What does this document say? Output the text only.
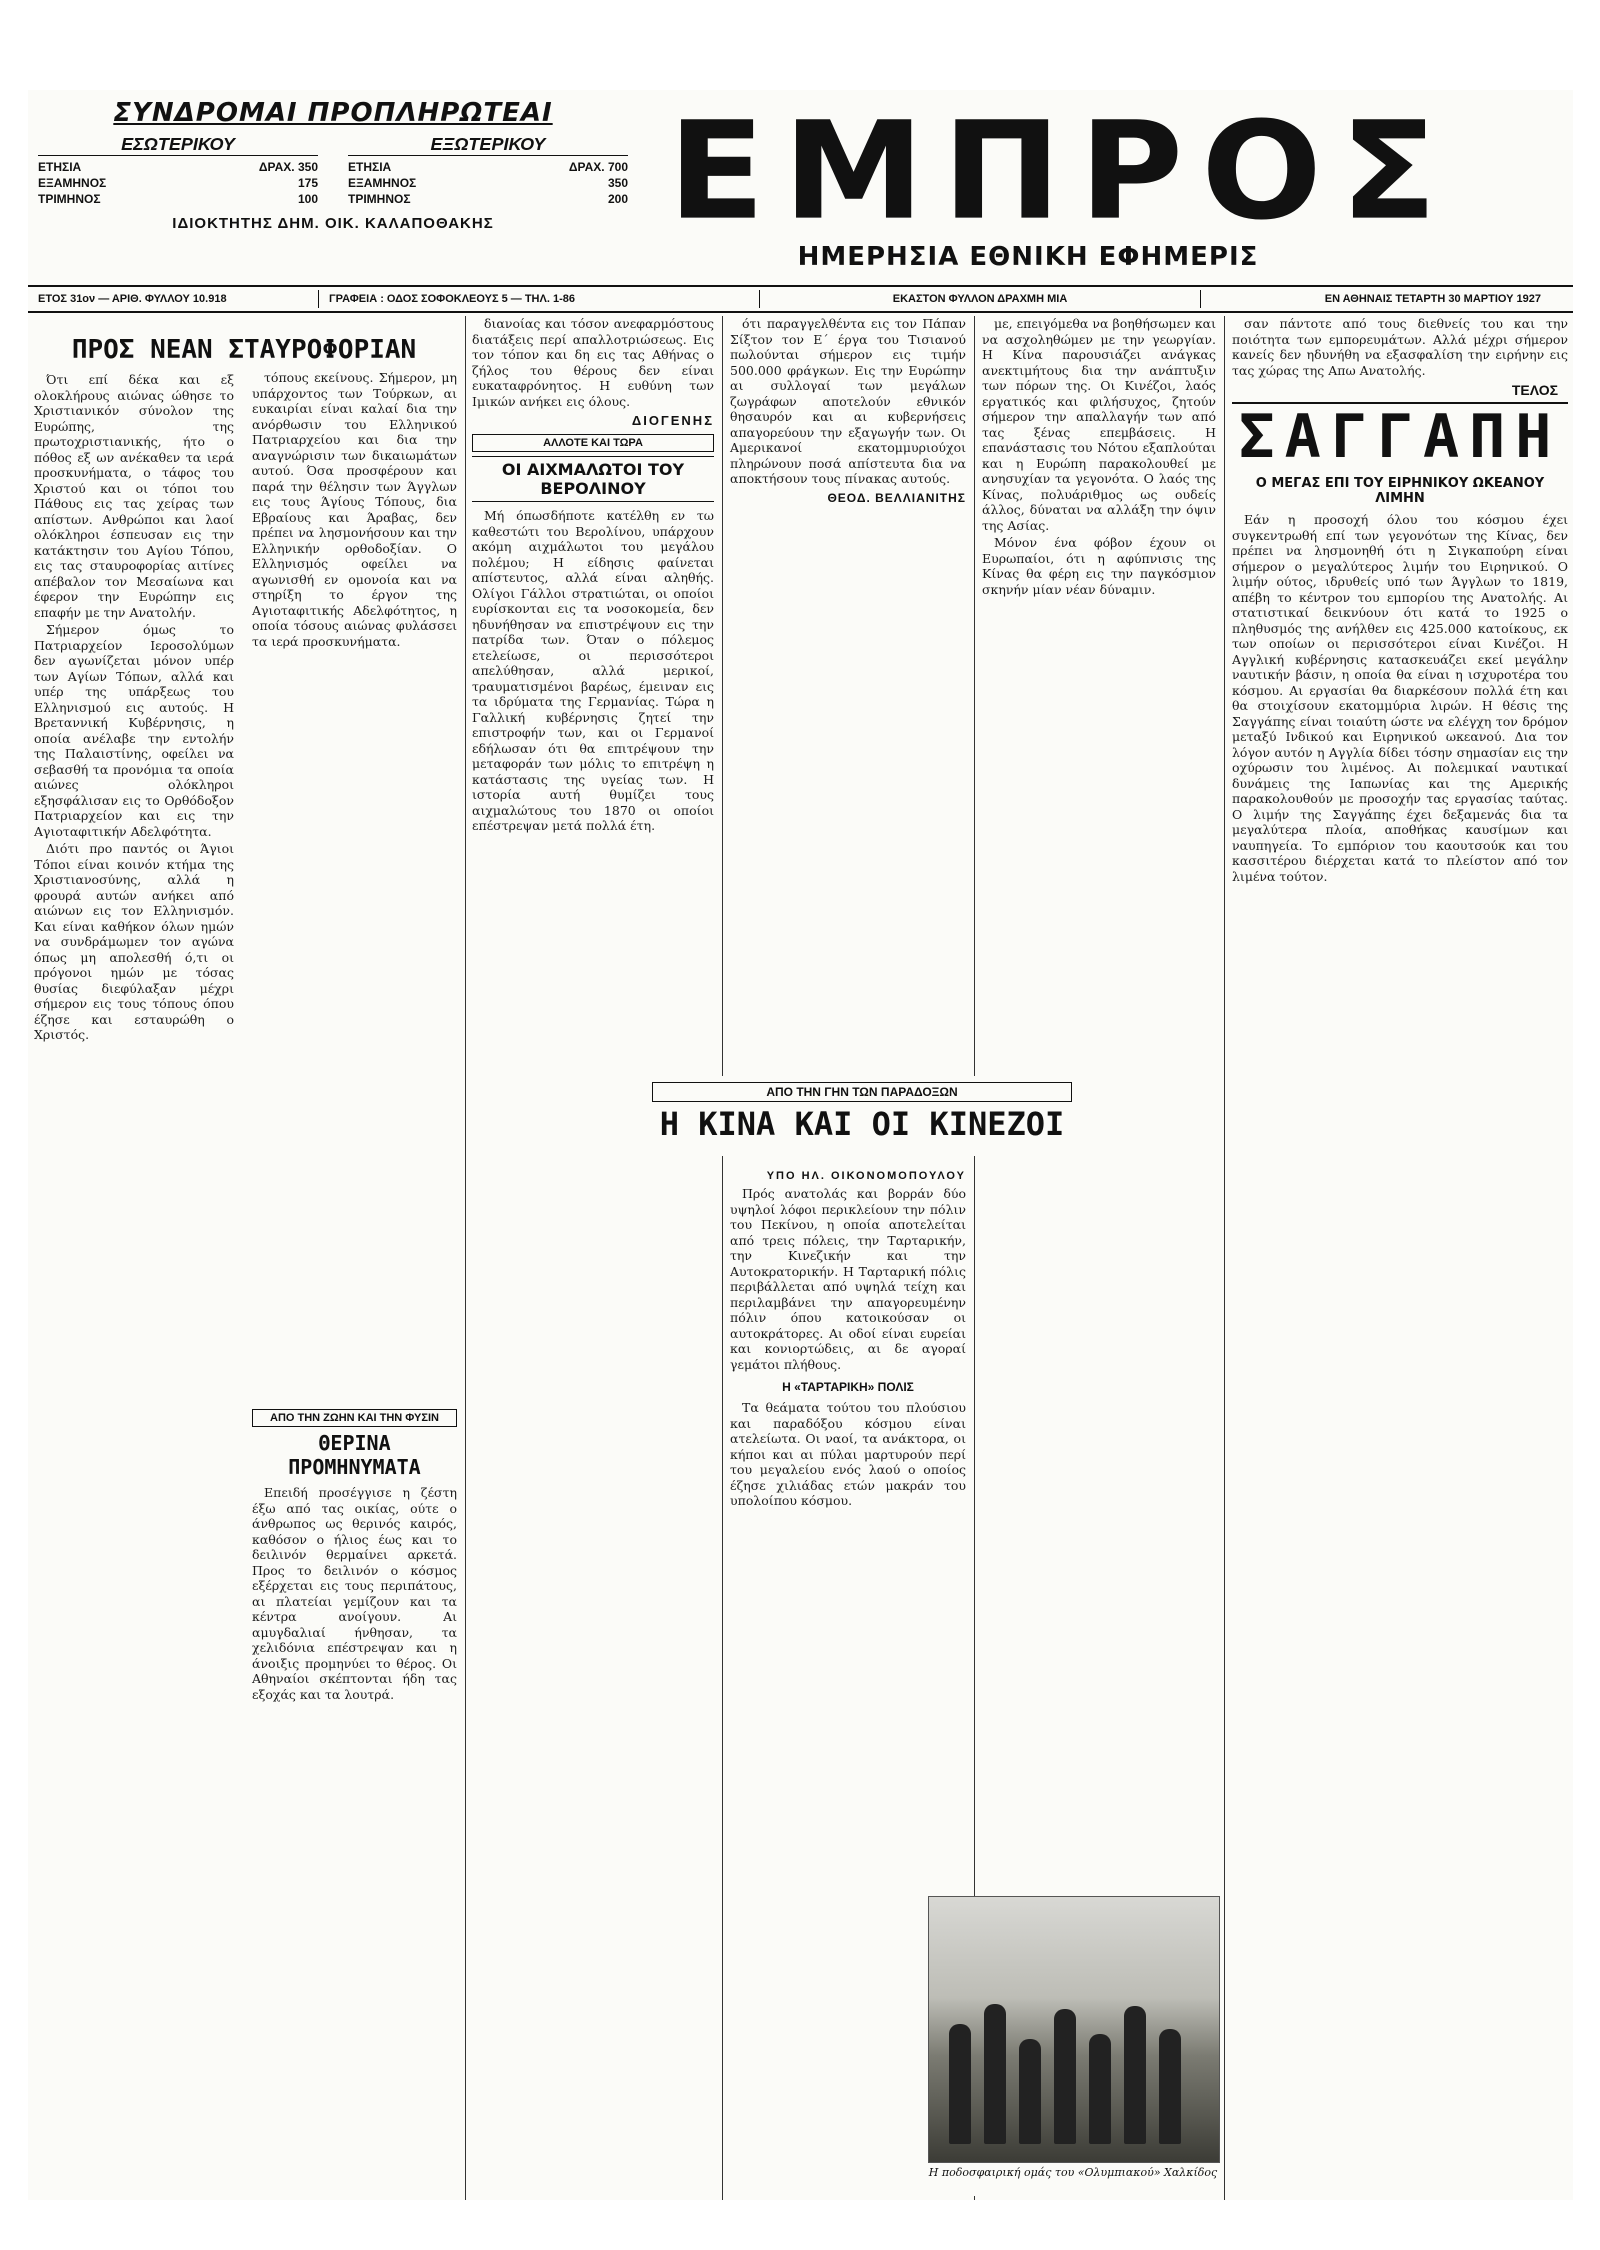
ΣΥΝΔΡΟΜΑΙ ΠΡΟΠΛΗΡΩΤΕΑΙ
ΕΣΩΤΕΡΙΚΟΥ
ΕΤΗΣΙΑ	ΔΡΑΧ. 350
ΕΞΑΜΗΝΟΣ	175
ΤΡΙΜΗΝΟΣ	100
ΕΞΩΤΕΡΙΚΟΥ
ΕΤΗΣΙΑ	ΔΡΑΧ. 700
ΕΞΑΜΗΝΟΣ	350
ΤΡΙΜΗΝΟΣ	200
ΙΔΙΟΚΤΗΤΗΣ ΔΗΜ. ΟΙΚ. ΚΑΛΑΠΟΘΑΚΗΣ	ΕΜΠΡΟΣ
ΗΜΕΡΗΣΙΑ ΕΘΝΙΚΗ ΕΦΗΜΕΡΙΣ
ΕΤΟΣ 31ον — ΑΡΙΘ. ΦΥΛΛΟΥ 10.918	ΓΡΑΦΕΙΑ : ΟΔΟΣ ΣΟΦΟΚΛΕΟΥΣ 5 — ΤΗΛ. 1-86	ΕΚΑΣΤΟΝ ΦΥΛΛΟΝ ΔΡΑΧΜΗ ΜΙΑ	ΕΝ ΑΘΗΝΑΙΣ ΤΕΤΑΡΤΗ 30 ΜΑΡΤΙΟΥ 1927
ΠΡΟΣ ΝΕΑΝ ΣΤΑΥΡΟΦΟΡΙΑΝ

Ότι επί δέκα και εξ ολοκλήρους αιώνας ώθησε το Χριστιανικόν σύνολον της Ευρώπης, της πρωτοχριστιανικής, ήτο ο πόθος εξ ων ανέκαθεν τα ιερά προσκυνήματα, ο τάφος του Χριστού και οι τόποι του Πάθους εις τας χείρας των απίστων. Ανθρώποι και λαοί ολόκληροι έσπευσαν εις την κατάκτησιν του Αγίου Τόπου, εις τας σταυροφορίας αιτίνες απέβαλον τον Μεσαίωνα και έφερον την Ευρώπην εις επαφήν με την Ανατολήν.

Σήμερον όμως το Πατριαρχείον Ιεροσολύμων δεν αγωνίζεται μόνον υπέρ των Αγίων Τόπων, αλλά και υπέρ της υπάρξεως του Ελληνισμού εις αυτούς. Η Βρεταννική Κυβέρνησις, η οποία ανέλαβε την εντολήν της Παλαιστίνης, οφείλει να σεβασθή τα προνόμια τα οποία αιώνες ολόκληροι εξησφάλισαν εις το Ορθόδοξον Πατριαρχείον και εις την Αγιοταφιτικήν Αδελφότητα.

Διότι προ παντός οι Άγιοι Τόποι είναι κοινόν κτήμα της Χριστιανοσύνης, αλλά η φρουρά αυτών ανήκει από αιώνων εις τον Ελληνισμόν. Και είναι καθήκον όλων ημών να συνδράμωμεν τον αγώνα όπως μη απολεσθή ό,τι οι πρόγονοι ημών με τόσας θυσίας διεφύλαξαν μέχρι σήμερον εις τους τόπους όπου έζησε και εσταυρώθη ο Χριστός.

τόπους εκείνους. Σήμερον, μη υπάρχοντος των Τούρκων, αι ευκαιρίαι είναι καλαί δια την ανόρθωσιν του Ελληνικού Πατριαρχείου και δια την αναγνώρισιν των δικαιωμάτων αυτού. Όσα προσφέρουν και παρά την θέλησιν των Άγγλων εις τους Άγίους Τόπους, δια Εβραίους και Άραβας, δεν πρέπει να λησμονήσουν και την Ελληνικήν ορθοδοξίαν. Ο Ελληνισμός οφείλει να αγωνισθή εν ομονοία και να στηρίξη το έργον της Αγιοταφιτικής Αδελφότητος, η οποία τόσους αιώνας φυλάσσει τα ιερά προσκυνήματα.

ΑΠΟ ΤΗΝ ΖΩΗΝ ΚΑΙ ΤΗΝ ΦΥΣΙΝ
ΘΕΡΙΝΑ ΠΡΟΜΗΝΥΜΑΤΑ

Επειδή προσέγγισε η ζέστη έξω από τας οικίας, ούτε ο άνθρωπος ως θερινός καιρός, καθόσον ο ήλιος έως και το δειλινόν θερμαίνει αρκετά. Προς το δειλινόν ο κόσμος εξέρχεται εις τους περιπάτους, αι πλατείαι γεμίζουν και τα κέντρα ανοίγουν. Αι αμυγδαλιαί ήνθησαν, τα χελιδόνια επέστρεψαν και η άνοιξις προμηνύει το θέρος. Οι Αθηναίοι σκέπτονται ήδη τας εξοχάς και τα λουτρά.

διανοίας και τόσον ανεφαρμόστους διατάξεις περί απαλλοτριώσεως. Εις τον τόπον και δη εις τας Αθήνας ο ζήλος του θέρους δεν είναι ευκαταφρόνητος. Η ευθύνη των Ιμικών ανήκει εις όλους.

ΔΙΟΓΕΝΗΣ
ΑΛΛΟΤΕ ΚΑΙ ΤΩΡΑ
ΟΙ ΑΙΧΜΑΛΩΤΟΙ ΤΟΥ ΒΕΡΟΛΙΝΟΥ

Μή όπωσδήποτε κατέλθη εν τω καθεστώτι του Βερολίνου, υπάρχουν ακόμη αιχμάλωτοι του μεγάλου πολέμου; Η είδησις φαίνεται απίστευτος, αλλά είναι αληθής. Ολίγοι Γάλλοι στρατιώται, οι οποίοι ευρίσκονται εις τα νοσοκομεία, δεν ηδυνήθησαν να επιστρέψουν εις την πατρίδα των. Όταν ο πόλεμος ετελείωσε, οι περισσότεροι απελύθησαν, αλλά μερικοί, τραυματισμένοι βαρέως, έμειναν εις τα ιδρύματα της Γερμανίας. Τώρα η Γαλλική κυβέρνησις ζητεί την επιστροφήν των, και οι Γερμανοί εδήλωσαν ότι θα επιτρέψουν την μεταφοράν των μόλις το επιτρέψη η κατάστασις της υγείας των. Η ιστορία αυτή θυμίζει τους αιχμαλώτους του 1870 οι οποίοι επέστρεψαν μετά πολλά έτη.

ότι παραγγελθέντα εις τον Πάπαν Σίξτον τον Ε΄ έργα του Τισιανού πωλούνται σήμερον εις τιμήν 500.000 φράγκων. Εις την Ευρώπην αι συλλογαί των μεγάλων ζωγράφων αποτελούν εθνικόν θησαυρόν και αι κυβερνήσεις απαγορεύουν την εξαγωγήν των. Οι Αμερικανοί εκατομμυριούχοι πληρώνουν ποσά απίστευτα δια να αποκτήσουν τους πίνακας αυτούς.

ΘΕΟΔ. ΒΕΛΛΙΑΝΙΤΗΣ
ΑΠΟ ΤΗΝ ΓΗΝ ΤΩΝ ΠΑΡΑΔΟΞΩΝ
Η ΚΙΝΑ ΚΑΙ ΟΙ ΚΙΝΕΖΟΙ
ΥΠΟ ΗΛ. ΟΙΚΟΝΟΜΟΠΟΥΛΟΥ

Πρός ανατολάς και βορράν δύο υψηλοί λόφοι περικλείουν την πόλιν του Πεκίνου, η οποία αποτελείται από τρεις πόλεις, την Ταρταρικήν, την Κινεζικήν και την Αυτοκρατορικήν. Η Ταρταρική πόλις περιβάλλεται από υψηλά τείχη και περιλαμβάνει την απαγορευμένην πόλιν όπου κατοικούσαν οι αυτοκράτορες. Αι οδοί είναι ευρείαι και κονιορτώδεις, αι δε αγοραί γεμάτοι πλήθους.

Η «ΤΑΡΤΑΡΙΚΗ» ΠΟΛΙΣ

Τα θεάματα τούτου του πλούσιου και παραδόξου κόσμου είναι ατελείωτα. Οι ναοί, τα ανάκτορα, οι κήποι και αι πύλαι μαρτυρούν περί του μεγαλείου ενός λαού ο οποίος έζησε χιλιάδας ετών μακράν του υπολοίπου κόσμου.

με, επειγόμεθα να βοηθήσωμεν και να ασχοληθώμεν με την γεωργίαν. Η Κίνα παρουσιάζει ανάγκας ανεκτιμήτους δια την ανάπτυξιν των πόρων της. Οι Κινέζοι, λαός εργατικός και φιλήσυχος, ζητούν σήμερον την απαλλαγήν των από τας ξένας επεμβάσεις. Η επανάστασις του Νότου εξαπλούται και η Ευρώπη παρακολουθεί με ανησυχίαν τα γεγονότα. Ο λαός της Κίνας, πολυάριθμος ως ουδείς άλλος, δύναται να αλλάξη την όψιν της Ασίας.

Μόνον ένα φόβον έχουν οι Ευρωπαίοι, ότι η αφύπνισις της Κίνας θα φέρη εις την παγκόσμιον σκηνήν μίαν νέαν δύναμιν.

Η ποδοσφαιρική ομάς του «Ολυμπιακού» Χαλκίδος

σαν πάντοτε από τους διεθνείς του και την ποιότητα των εμπορευμάτων. Αλλά μέχρι σήμερον κανείς δεν ηδυνήθη να εξασφαλίση την ειρήνην εις τας χώρας της Απω Ανατολής.

ΤΕΛΟΣ
ΣΑΓΓΑΠΗ
Ο ΜΕΓΑΣ ΕΠΙ ΤΟΥ ΕΙΡΗΝΙΚΟΥ ΩΚΕΑΝΟΥ ΛΙΜΗΝ

Εάν η προσοχή όλου του κόσμου έχει συγκεντρωθή επί των γεγονότων της Κίνας, δεν πρέπει να λησμονηθή ότι η Σιγκαπούρη είναι σήμερον ο μεγαλύτερος λιμήν του Ειρηνικού. Ο λιμήν ούτος, ιδρυθείς υπό των Άγγλων το 1819, απέβη το κέντρον του εμπορίου της Ανατολής. Αι στατιστικαί δεικνύουν ότι κατά το 1925 ο πληθυσμός της ανήλθεν εις 425.000 κατοίκους, εκ των οποίων οι περισσότεροι είναι Κινέζοι. Η Αγγλική κυβέρνησις κατασκευάζει εκεί μεγάλην ναυτικήν βάσιν, η οποία θα είναι η ισχυροτέρα του κόσμου. Αι εργασίαι θα διαρκέσουν πολλά έτη και θα στοιχίσουν εκατομμύρια λιρών. Η θέσις της Σαγγάπης είναι τοιαύτη ώστε να ελέγχη τον δρόμον μεταξύ Ινδικού και Ειρηνικού ωκεανού. Δια τον λόγον αυτόν η Αγγλία δίδει τόσην σημασίαν εις την οχύρωσιν του λιμένος. Αι πολεμικαί ναυτικαί δυνάμεις της Ιαπωνίας και της Αμερικής παρακολουθούν με προσοχήν τας εργασίας ταύτας. Ο λιμήν της Σαγγάπης έχει δεξαμενάς δια τα μεγαλύτερα πλοία, αποθήκας καυσίμων και ναυπηγεία. Το εμπόριον του καουτσούκ και του κασσιτέρου διέρχεται κατά το πλείστον από τον λιμένα τούτον.
